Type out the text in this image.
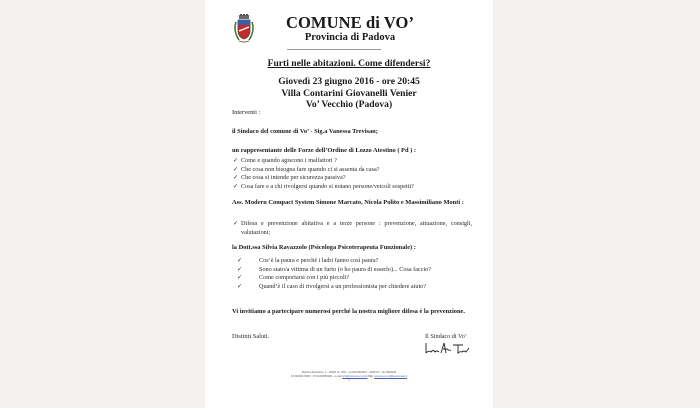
COMUNE di VO’
Provincia di Padova
Furti nelle abitazioni. Come difendersi?
Giovedì 23 giugno 2016 - ore 20:45
Villa Contarini Giovanelli Venier
Vo’ Vecchio (Padova)
Interventi :
il Sindaco del comune di Vo’ - Sig.a Vanessa Trevisan;
un rappresentante delle Forze dell’Ordine di Lozzo Atestino ( Pd ) :
✓ Come e quando agiscono i malfattori ?
✓ Che cosa non bisogna fare quando ci si assenta da casa?
✓ Che cosa si intende per sicurezza passiva?
✓ Cosa fare e a chi rivolgersi quando si notano persone/veicoli sospetti?
Ass. Modern Compact System Simone Marcato, Nicola Polito e Massimiliano Monti :
✓ Difesa e prevenzione abitativa e a terze persone : prevenzione, attuazione, consigli, valutazioni;
la Dott.ssa Silvia Ravazzolo (Psicologa Psicoterapeuta Funzionale) :
✓	Cos’è la paura e perché i ladri fanno così paura?
✓	Sono stato/a vittima di un furto (o ho paura di esserlo)... Cosa faccio?
✓	Come comportarsi con i più piccoli?
✓	Quand’è il caso di rivolgersi a un professionista per chiedere aiuto?
Vi invitiamo a partecipare numerosi perché la nostra migliore difesa è la prevenzione.
Distinti Saluti.	Il Sindaco di Vo’
Piazza Liberazione, 1 - 35030 Vo’ (PD) - tel 049 9940027 - 9940177 - fax 9940044
CF 82001170287 - PI 01404550282 - e-mail info@comune.vo.pd.it PEC comune.vo.pd@pecveneto.it
1
